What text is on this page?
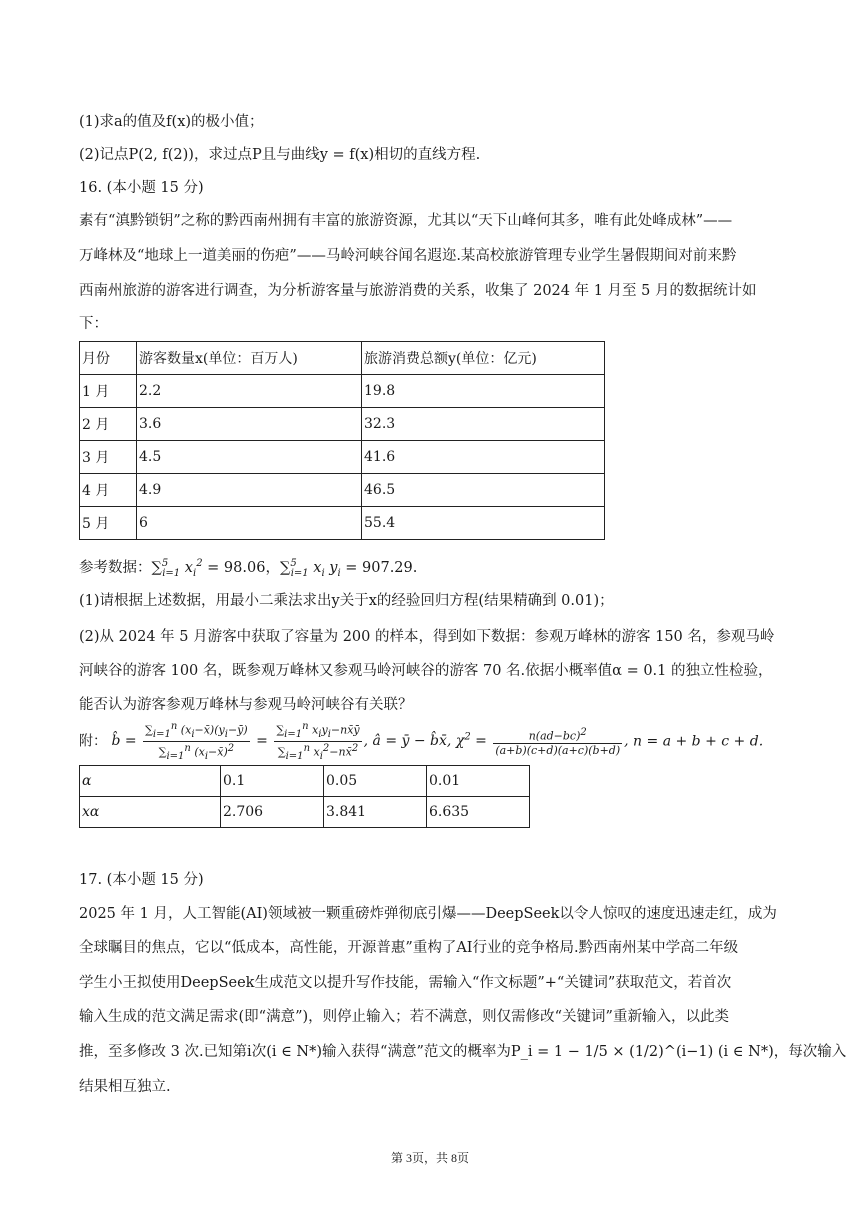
(1)求a的值及f(x)的极小值；
(2)记点P(2, f(2))，求过点P且与曲线y = f(x)相切的直线方程.
16. (本小题 15 分)
素有“滇黔锁钥”之称的黔西南州拥有丰富的旅游资源，尤其以“天下山峰何其多，唯有此处峰成林”——
万峰林及“地球上一道美丽的伤疤”——马岭河峡谷闻名遐迩.某高校旅游管理专业学生暑假期间对前来黔
西南州旅游的游客进行调查，为分析游客量与旅游消费的关系，收集了 2024 年 1 月至 5 月的数据统计如
下：
月份	游客数量x(单位：百万人)	旅游消费总额y(单位：亿元)
1 月	2.2	19.8
2 月	3.6	32.3
3 月	4.5	41.6
4 月	4.9	46.5
5 月	6	55.4
参考数据：∑$^5_{i=1}$ $x_i^2 = 98.06$，∑$^5_{i=1}$ $x_i$ $y_i = 907.29$.
(1)请根据上述数据，用最小二乘法求出y关于x的经验回归方程(结果精确到 0.01)；
(2)从 2024 年 5 月游客中获取了容量为 200 的样本，得到如下数据：参观万峰林的游客 150 名，参观马岭
河峡谷的游客 100 名，既参观万峰林又参观马岭河峡谷的游客 70 名.依据小概率值α = 0.1 的独立性检验，
能否认为游客参观万峰林与参观马岭河峡谷有关联？
附： b̂ = $\frac{\sum_{i=1}^n (x_i-x̄)(y_i-ȳ)}{\sum_{i=1}^n (x_i-x̄)^2} = \frac{\sum_{i=1}^n x_iy_i-nx̄ȳ}{\sum_{i=1}^n x_i^2-nx̄^2}$ , â = ȳ − b̂x̄, $\chi^2 = \frac{n(ad-bc)^2}{(a+b)(c+d)(a+c)(b+d)}$ , n = a + b + c + d.
α	0.1	0.05	0.01
xα	2.706	3.841	6.635
17. (本小题 15 分)
2025 年 1 月，人工智能(AI)领域被一颗重磅炸弹彻底引爆——DeepSeek以令人惊叹的速度迅速走红，成为
全球瞩目的焦点，它以“低成本，高性能，开源普惠”重构了AI行业的竞争格局.黔西南州某中学高二年级
学生小王拟使用DeepSeek生成范文以提升写作技能，需输入“作文标题”+“关键词”获取范文，若首次
输入生成的范文满足需求(即“满意”)，则停止输入；若不满意，则仅需修改“关键词”重新输入，以此类
推，至多修改 3 次.已知第i次(i ∈ N*)输入获得“满意”范文的概率为P_i = 1 − 1/5 × (1/2)^(i−1) (i ∈ N*)，每次输入
结果相互独立.
第 3页，共 8页
